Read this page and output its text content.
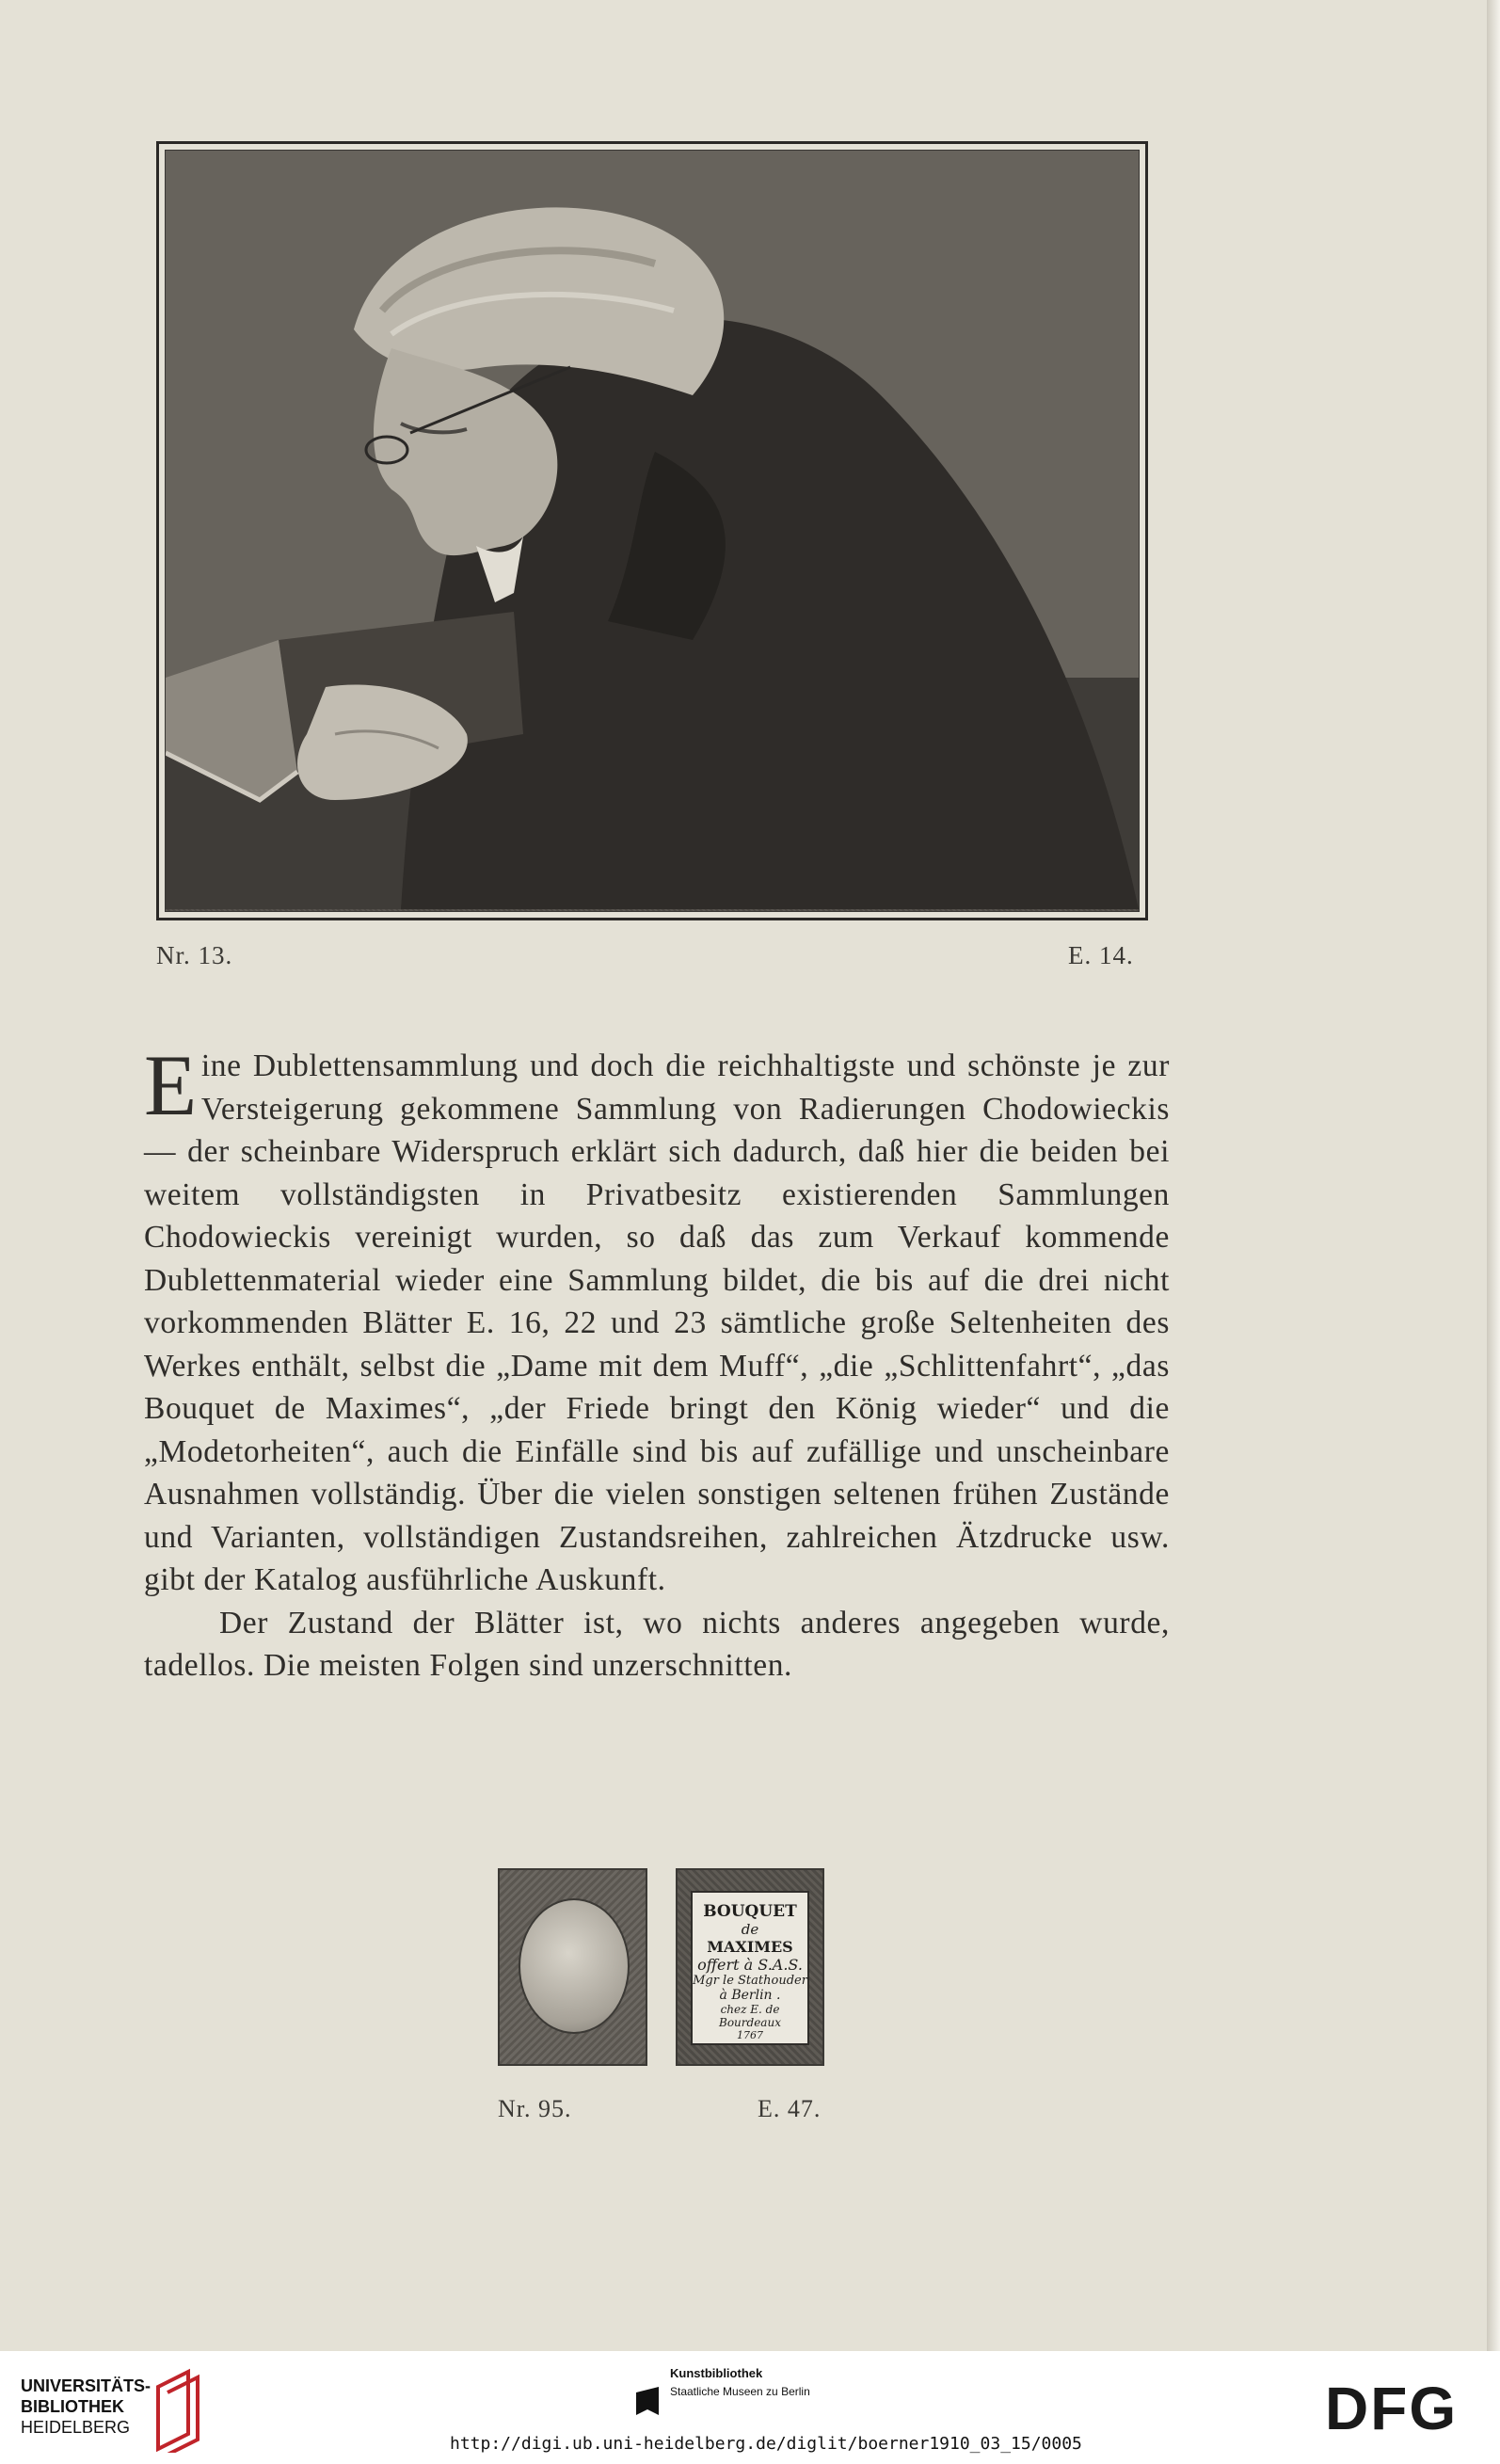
Nr. 13.	E. 14.

Eine Dublettensammlung und doch die reichhaltigste und schönste je zur Versteigerung gekommene Sammlung von Radierungen Chodowieckis — der scheinbare Widerspruch erklärt sich dadurch, daß hier die beiden bei weitem vollständigsten in Privatbesitz existierenden Sammlungen Chodowieckis vereinigt wurden, so daß das zum Verkauf kommende Dublettenmaterial wieder eine Sammlung bildet, die bis auf die drei nicht vorkommenden Blätter E. 16, 22 und 23 sämtliche große Seltenheiten des Werkes enthält, selbst die „Dame mit dem Muff“, „die „Schlittenfahrt“, „das Bouquet de Maximes“, „der Friede bringt den König wieder“ und die „Modetorheiten“, auch die Einfälle sind bis auf zufällige und unscheinbare Ausnahmen vollständig. Über die vielen sonstigen seltenen frühen Zustände und Varianten, vollständigen Zustandsreihen, zahlreichen Ätzdrucke usw. gibt der Katalog ausführliche Auskunft.

Der Zustand der Blätter ist, wo nichts anderes angegeben wurde, tadellos. Die meisten Folgen sind unzerschnitten.

BOUQUET
de
MAXIMES
offert à S.A.S.
Mgr le Stathouder
à Berlin .
chez E. de Bourdeaux
1767
Nr. 95.	E. 47.
UNIVERSITÄTS-
BIBLIOTHEK
HEIDELBERG
Kunstbibliothek
Staatliche Museen zu Berlin
http://digi.ub.uni-heidelberg.de/diglit/boerner1910_03_15/0005
DFG
